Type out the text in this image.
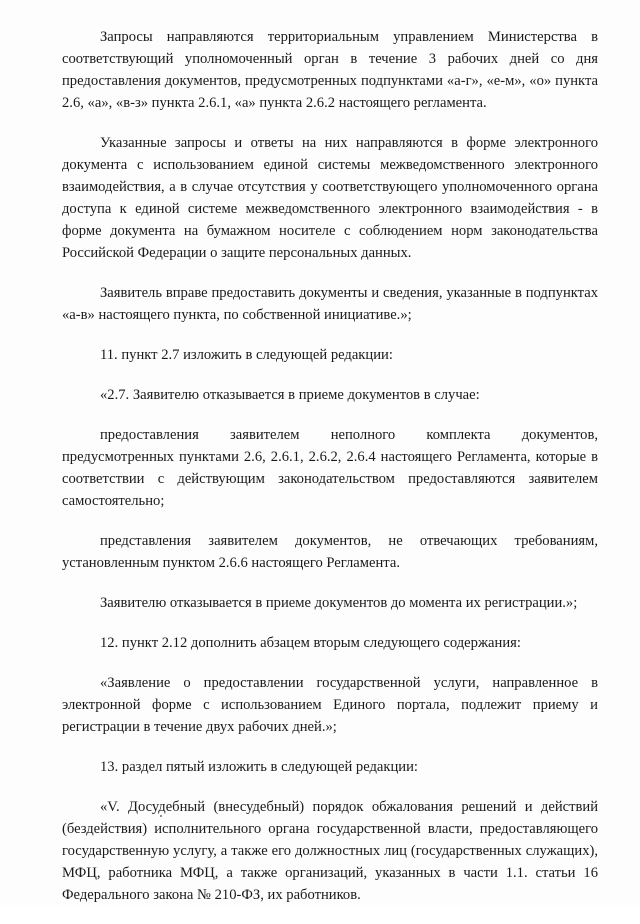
Запросы направляются территориальным управлением Министерства в соответствующий уполномоченный орган в течение 3 рабочих дней со дня предоставления документов, предусмотренных подпунктами «а-г», «е-м», «о» пункта 2.6, «а», «в-з» пункта 2.6.1, «а» пункта 2.6.2 настоящего регламента.

Указанные запросы и ответы на них направляются в форме электронного документа с использованием единой системы межведомственного электронного взаимодействия, а в случае отсутствия у соответствующего уполномоченного органа доступа к единой системе межведомственного электронного взаимодействия - в форме документа на бумажном носителе с соблюдением норм законодательства Российской Федерации о защите персональных данных.

Заявитель вправе предоставить документы и сведения, указанные в подпунктах «а-в» настоящего пункта, по собственной инициативе.»;

11. пункт 2.7 изложить в следующей редакции:

«2.7. Заявителю отказывается в приеме документов в случае:

предоставления заявителем неполного комплекта документов, предусмотренных пунктами 2.6, 2.6.1, 2.6.2, 2.6.4 настоящего Регламента, которые в соответствии с действующим законодательством предоставляются заявителем самостоятельно;

представления заявителем документов, не отвечающих требованиям, установленным пунктом 2.6.6 настоящего Регламента.

Заявителю отказывается в приеме документов до момента их регистрации.»;

12. пункт 2.12 дополнить абзацем вторым следующего содержания:

«Заявление о предоставлении государственной услуги, направленное в электронной форме с использованием Единого портала, подлежит приему и регистрации в течение двух рабочих дней.»;

13. раздел пятый изложить в следующей редакции:

«V. Досудебный (внесудебный) порядок обжалования решений и действий (бездействия) исполнительного органа государственной власти, предоставляющего государственную услугу, а также его должностных лиц (государственных служащих), МФЦ, работника МФЦ, а также организаций, указанных в части 1.1. статьи 16 Федерального закона № 210-ФЗ, их работников.
